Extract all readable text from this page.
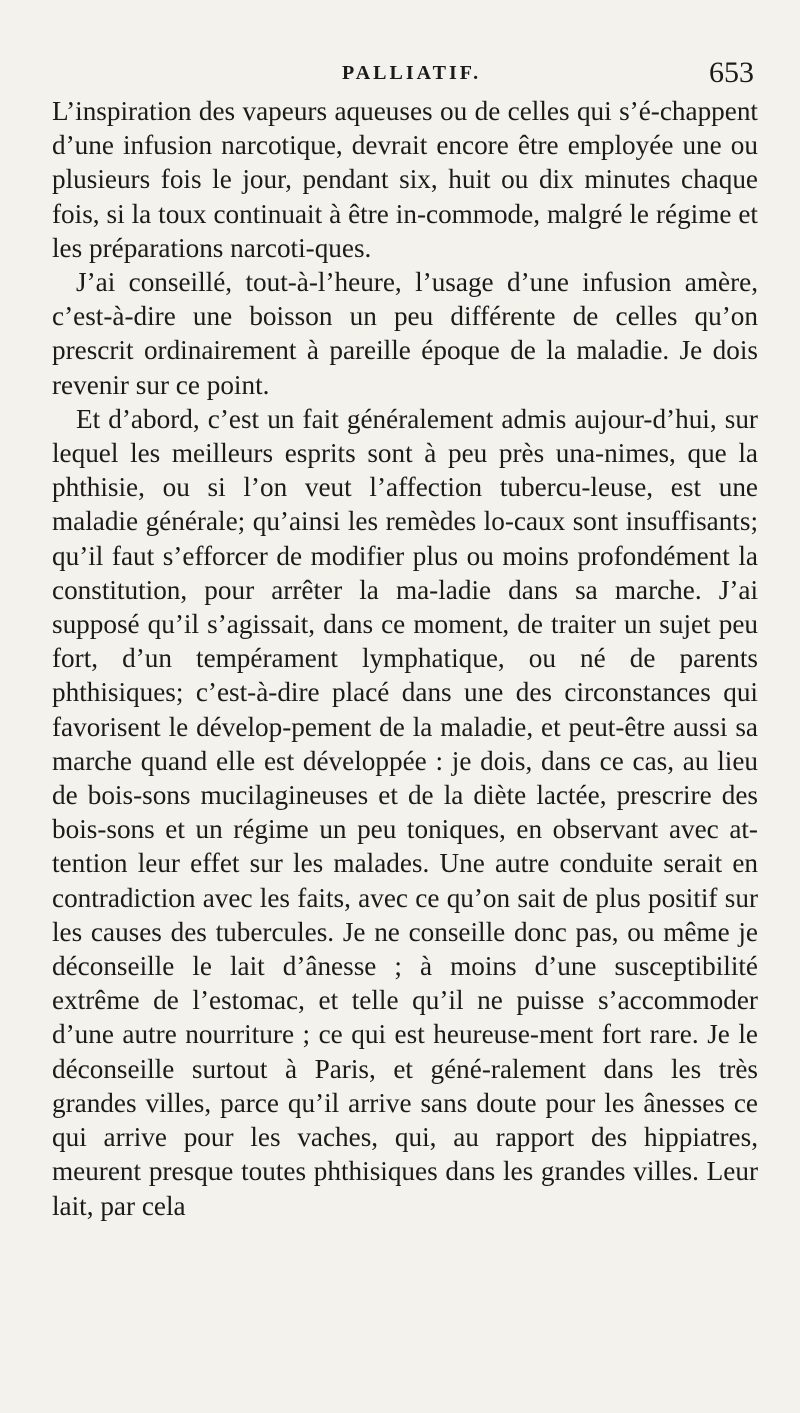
PALLIATIF.	653

L’inspiration des vapeurs aqueuses ou de celles qui s’é-chappent d’une infusion narcotique, devrait encore être employée une ou plusieurs fois le jour, pendant six, huit ou dix minutes chaque fois, si la toux continuait à être in-commode, malgré le régime et les préparations narcoti-ques.

J’ai conseillé, tout-à-l’heure, l’usage d’une infusion amère, c’est-à-dire une boisson un peu différente de celles qu’on prescrit ordinairement à pareille époque de la maladie. Je dois revenir sur ce point.

Et d’abord, c’est un fait généralement admis aujour-d’hui, sur lequel les meilleurs esprits sont à peu près una-nimes, que la phthisie, ou si l’on veut l’affection tubercu-leuse, est une maladie générale; qu’ainsi les remèdes lo-caux sont insuffisants; qu’il faut s’efforcer de modifier plus ou moins profondément la constitution, pour arrêter la ma-ladie dans sa marche. J’ai supposé qu’il s’agissait, dans ce moment, de traiter un sujet peu fort, d’un tempérament lymphatique, ou né de parents phthisiques; c’est-à-dire placé dans une des circonstances qui favorisent le dévelop-pement de la maladie, et peut-être aussi sa marche quand elle est développée : je dois, dans ce cas, au lieu de bois-sons mucilagineuses et de la diète lactée, prescrire des bois-sons et un régime un peu toniques, en observant avec at-tention leur effet sur les malades. Une autre conduite serait en contradiction avec les faits, avec ce qu’on sait de plus positif sur les causes des tubercules. Je ne conseille donc pas, ou même je déconseille le lait d’ânesse ; à moins d’une susceptibilité extrême de l’estomac, et telle qu’il ne puisse s’accommoder d’une autre nourriture ; ce qui est heureuse-ment fort rare. Je le déconseille surtout à Paris, et géné-ralement dans les très grandes villes, parce qu’il arrive sans doute pour les ânesses ce qui arrive pour les vaches, qui, au rapport des hippiatres, meurent presque toutes phthisiques dans les grandes villes. Leur lait, par cela
